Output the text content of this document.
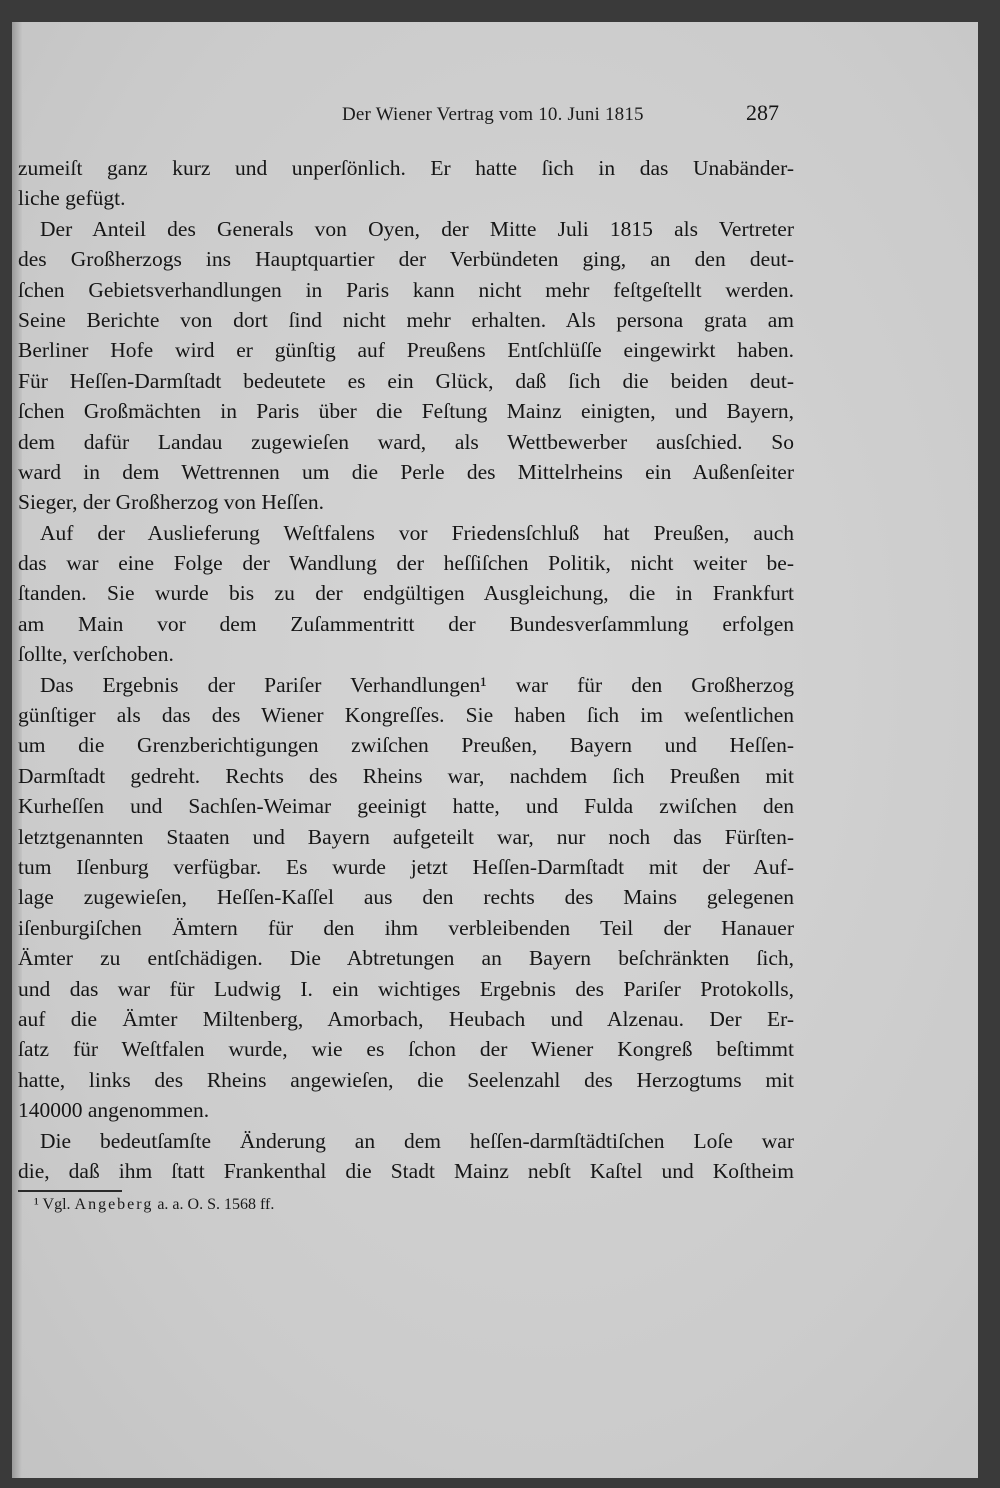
Der Wiener Vertrag vom 10. Juni 1815	287
zumeiſt ganz kurz und unperſönlich. Er hatte ſich in das Unabänder-
liche gefügt.
Der Anteil des Generals von Oyen, der Mitte Juli 1815 als Vertreter
des Großherzogs ins Hauptquartier der Verbündeten ging, an den deut-
ſchen Gebietsverhandlungen in Paris kann nicht mehr feſtgeſtellt werden.
Seine Berichte von dort ſind nicht mehr erhalten. Als persona grata am
Berliner Hofe wird er günſtig auf Preußens Entſchlüſſe eingewirkt haben.
Für Heſſen-Darmſtadt bedeutete es ein Glück, daß ſich die beiden deut-
ſchen Großmächten in Paris über die Feſtung Mainz einigten, und Bayern,
dem dafür Landau zugewieſen ward, als Wettbewerber ausſchied. So
ward in dem Wettrennen um die Perle des Mittelrheins ein Außenſeiter
Sieger, der Großherzog von Heſſen.
Auf der Auslieferung Weſtfalens vor Friedensſchluß hat Preußen, auch
das war eine Folge der Wandlung der heſſiſchen Politik, nicht weiter be-
ſtanden. Sie wurde bis zu der endgültigen Ausgleichung, die in Frankfurt
am Main vor dem Zuſammentritt der Bundesverſammlung erfolgen
ſollte, verſchoben.
Das Ergebnis der Pariſer Verhandlungen¹ war für den Großherzog
günſtiger als das des Wiener Kongreſſes. Sie haben ſich im weſentlichen
um die Grenzberichtigungen zwiſchen Preußen, Bayern und Heſſen-
Darmſtadt gedreht. Rechts des Rheins war, nachdem ſich Preußen mit
Kurheſſen und Sachſen-Weimar geeinigt hatte, und Fulda zwiſchen den
letztgenannten Staaten und Bayern aufgeteilt war, nur noch das Fürſten-
tum Iſenburg verfügbar. Es wurde jetzt Heſſen-Darmſtadt mit der Auf-
lage zugewieſen, Heſſen-Kaſſel aus den rechts des Mains gelegenen
iſenburgiſchen Ämtern für den ihm verbleibenden Teil der Hanauer
Ämter zu entſchädigen. Die Abtretungen an Bayern beſchränkten ſich,
und das war für Ludwig I. ein wichtiges Ergebnis des Pariſer Protokolls,
auf die Ämter Miltenberg, Amorbach, Heubach und Alzenau. Der Er-
ſatz für Weſtfalen wurde, wie es ſchon der Wiener Kongreß beſtimmt
hatte, links des Rheins angewieſen, die Seelenzahl des Herzogtums mit
140000 angenommen.
Die bedeutſamſte Änderung an dem heſſen-darmſtädtiſchen Loſe war
die, daß ihm ſtatt Frankenthal die Stadt Mainz nebſt Kaſtel und Koſtheim
¹ Vgl. Angeberg a. a. O. S. 1568 ff.
